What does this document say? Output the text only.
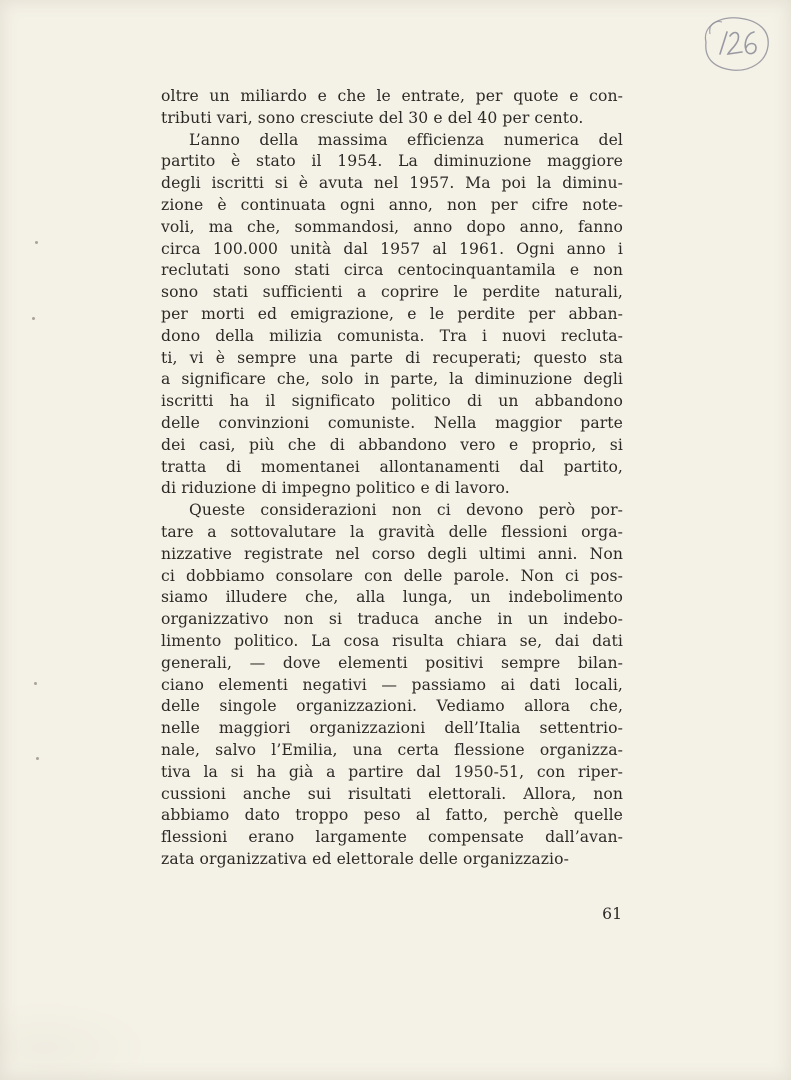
oltre un miliardo e che le entrate, per quote e con-
tributi vari, sono cresciute del 30 e del 40 per cento.
L’anno della massima efficienza numerica del
partito è stato il 1954. La diminuzione maggiore
degli iscritti si è avuta nel 1957. Ma poi la diminu-
zione è continuata ogni anno, non per cifre note-
voli, ma che, sommandosi, anno dopo anno, fanno
circa 100.000 unità dal 1957 al 1961. Ogni anno i
reclutati sono stati circa centocinquantamila e non
sono stati sufficienti a coprire le perdite naturali,
per morti ed emigrazione, e le perdite per abban-
dono della milizia comunista. Tra i nuovi recluta-
ti, vi è sempre una parte di recuperati; questo sta
a significare che, solo in parte, la diminuzione degli
iscritti ha il significato politico di un abbandono
delle convinzioni comuniste. Nella maggior parte
dei casi, più che di abbandono vero e proprio, si
tratta di momentanei allontanamenti dal partito,
di riduzione di impegno politico e di lavoro.
Queste considerazioni non ci devono però por-
tare a sottovalutare la gravità delle flessioni orga-
nizzative registrate nel corso degli ultimi anni. Non
ci dobbiamo consolare con delle parole. Non ci pos-
siamo illudere che, alla lunga, un indebolimento
organizzativo non si traduca anche in un indebo-
limento politico. La cosa risulta chiara se, dai dati
generali, — dove elementi positivi sempre bilan-
ciano elementi negativi — passiamo ai dati locali,
delle singole organizzazioni. Vediamo allora che,
nelle maggiori organizzazioni dell’Italia settentrio-
nale, salvo l’Emilia, una certa flessione organizza-
tiva la si ha già a partire dal 1950-51, con riper-
cussioni anche sui risultati elettorali. Allora, non
abbiamo dato troppo peso al fatto, perchè quelle
flessioni erano largamente compensate dall’avan-
zata organizzativa ed elettorale delle organizzazio-
61
